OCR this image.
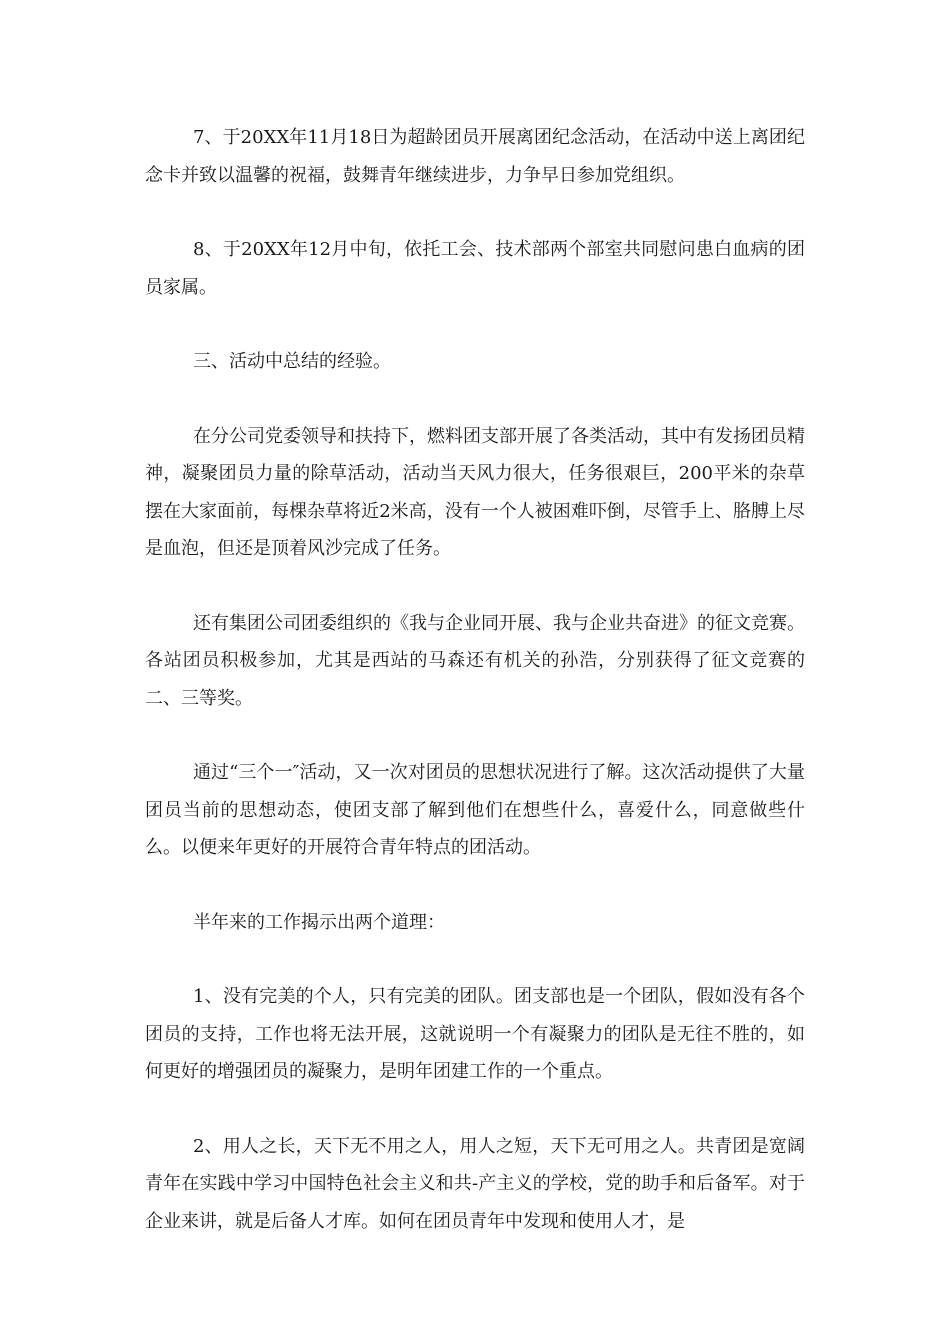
7、于20XX年11月18日为超龄团员开展离团纪念活动，在活动中送上离团纪念卡并致以温馨的祝福，鼓舞青年继续进步，力争早日参加党组织。

8、于20XX年12月中旬，依托工会、技术部两个部室共同慰问患白血病的团员家属。

三、活动中总结的经验。

在分公司党委领导和扶持下，燃料团支部开展了各类活动，其中有发扬团员精神，凝聚团员力量的除草活动，活动当天风力很大，任务很艰巨，200平米的杂草摆在大家面前，每棵杂草将近2米高，没有一个人被困难吓倒，尽管手上、胳膊上尽是血泡，但还是顶着风沙完成了任务。

还有集团公司团委组织的《我与企业同开展、我与企业共奋进》的征文竞赛。各站团员积极参加，尤其是西站的马森还有机关的孙浩，分别获得了征文竞赛的二、三等奖。

通过“三个一″活动，又一次对团员的思想状况进行了解。这次活动提供了大量团员当前的思想动态，使团支部了解到他们在想些什么，喜爱什么，同意做些什么。以便来年更好的开展符合青年特点的团活动。

半年来的工作揭示出两个道理：

1、没有完美的个人，只有完美的团队。团支部也是一个团队，假如没有各个团员的支持，工作也将无法开展，这就说明一个有凝聚力的团队是无往不胜的，如何更好的增强团员的凝聚力，是明年团建工作的一个重点。

2、用人之长，天下无不用之人，用人之短，天下无可用之人。共青团是宽阔青年在实践中学习中国特色社会主义和共-产主义的学校，党的助手和后备军。对于企业来讲，就是后备人才库。如何在团员青年中发现和使用人才，是
